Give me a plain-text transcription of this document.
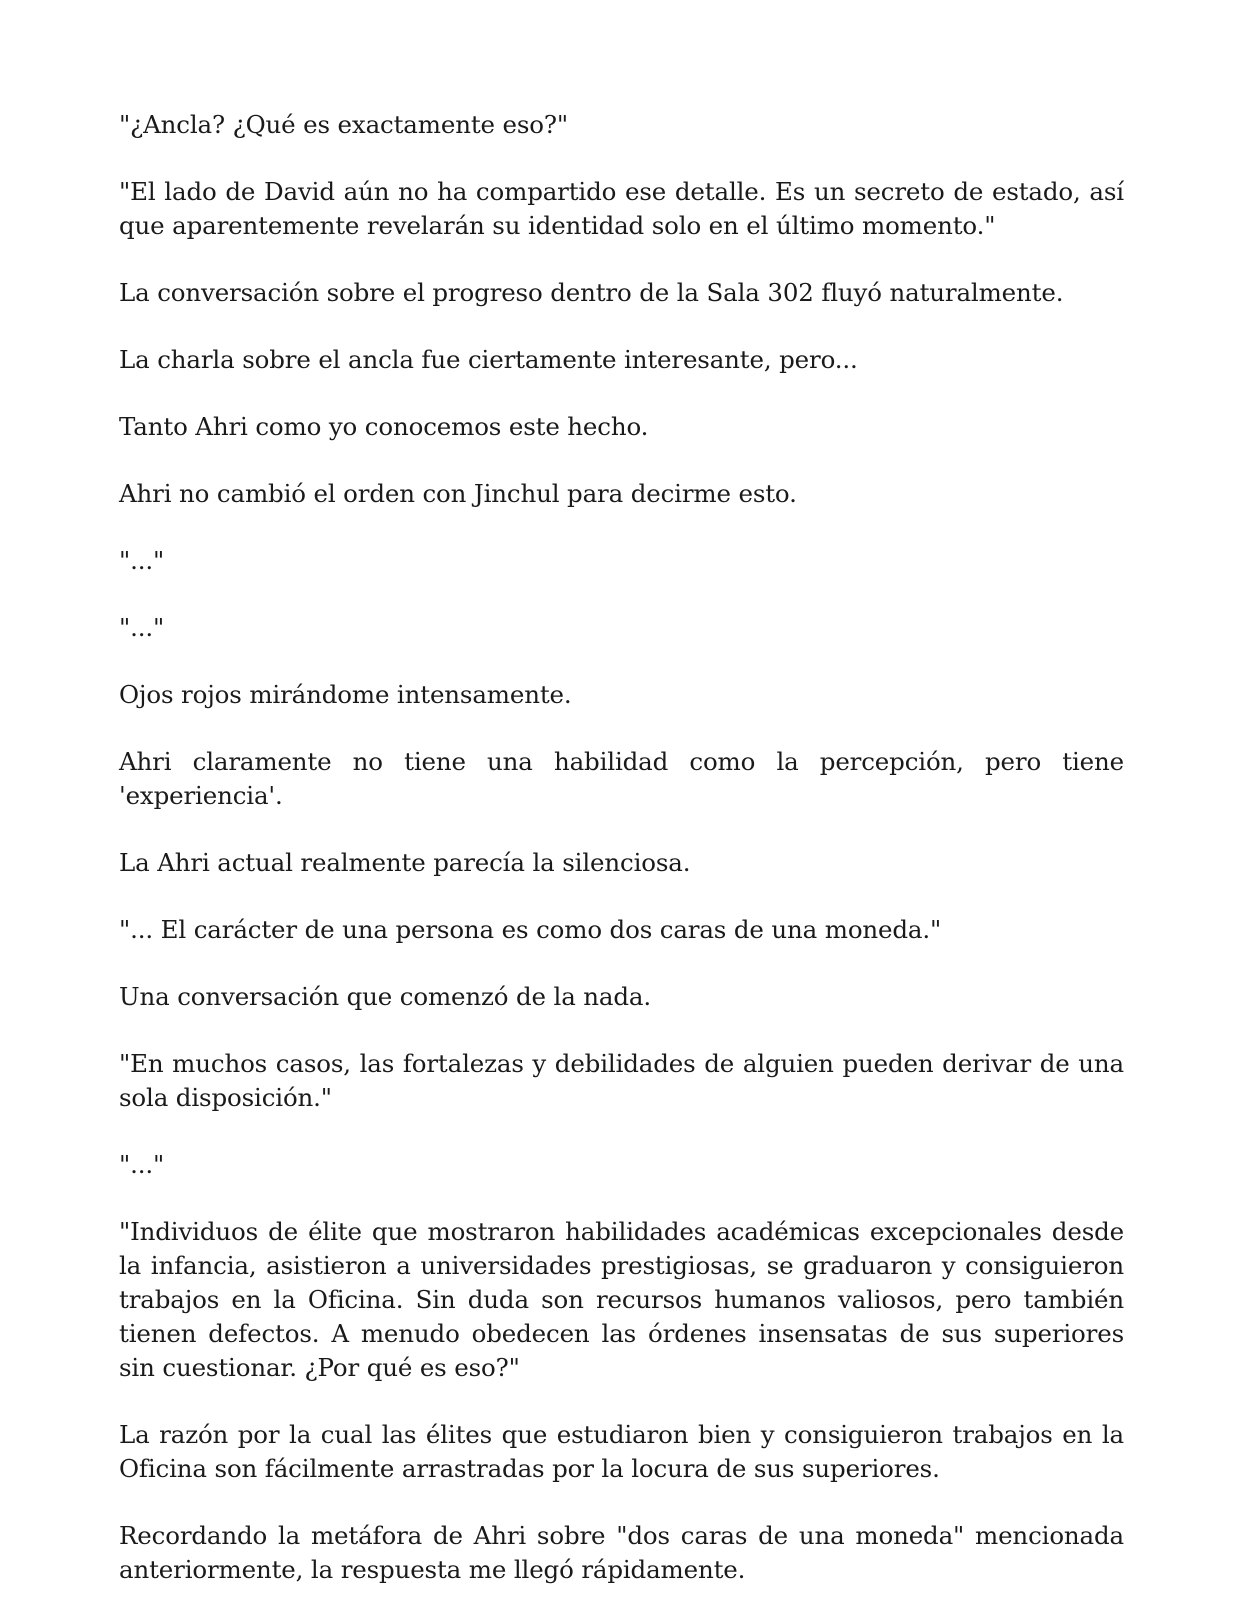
"¿Ancla? ¿Qué es exactamente eso?"

"El lado de David aún no ha compartido ese detalle. Es un secreto de estado, así que aparentemente revelarán su identidad solo en el último momento."

La conversación sobre el progreso dentro de la Sala 302 fluyó naturalmente.

La charla sobre el ancla fue ciertamente interesante, pero...

Tanto Ahri como yo conocemos este hecho.

Ahri no cambió el orden con Jinchul para decirme esto.

"..."

"..."

Ojos rojos mirándome intensamente.

Ahri claramente no tiene una habilidad como la percepción, pero tiene 'experiencia'.

La Ahri actual realmente parecía la silenciosa.

"... El carácter de una persona es como dos caras de una moneda."

Una conversación que comenzó de la nada.

"En muchos casos, las fortalezas y debilidades de alguien pueden derivar de una sola disposición."

"..."

"Individuos de élite que mostraron habilidades académicas excepcionales desde la infancia, asistieron a universidades prestigiosas, se graduaron y consiguieron trabajos en la Oficina. Sin duda son recursos humanos valiosos, pero también tienen defectos. A menudo obedecen las órdenes insensatas de sus superiores sin cuestionar. ¿Por qué es eso?"

La razón por la cual las élites que estudiaron bien y consiguieron trabajos en la Oficina son fácilmente arrastradas por la locura de sus superiores.

Recordando la metáfora de Ahri sobre "dos caras de una moneda" mencionada anteriormente, la respuesta me llegó rápidamente.
